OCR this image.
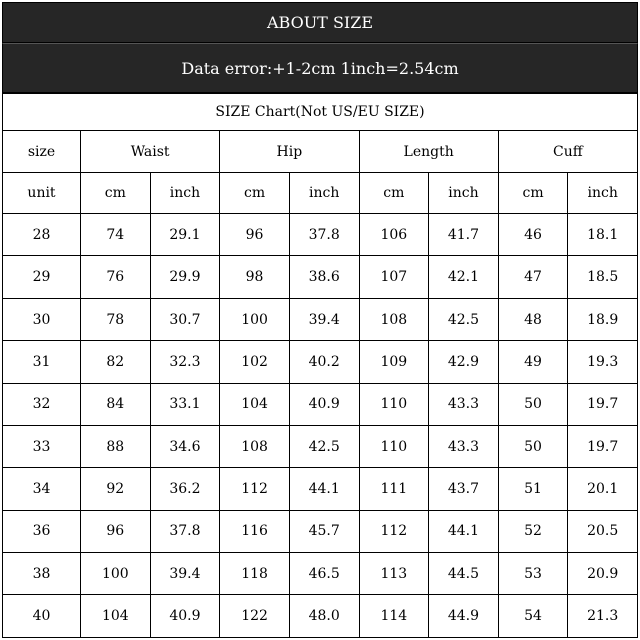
ABOUT SIZE
Data error:+1-2cm 1inch=2.54cm
SIZE Chart(Not US/EU SIZE)								
size	Waist		Hip		Length		Cuff	
unit	cm	inch	cm	inch	cm	inch	cm	inch
28	74	29.1	96	37.8	106	41.7	46	18.1
29	76	29.9	98	38.6	107	42.1	47	18.5
30	78	30.7	100	39.4	108	42.5	48	18.9
31	82	32.3	102	40.2	109	42.9	49	19.3
32	84	33.1	104	40.9	110	43.3	50	19.7
33	88	34.6	108	42.5	110	43.3	50	19.7
34	92	36.2	112	44.1	111	43.7	51	20.1
36	96	37.8	116	45.7	112	44.1	52	20.5
38	100	39.4	118	46.5	113	44.5	53	20.9
40	104	40.9	122	48.0	114	44.9	54	21.3
